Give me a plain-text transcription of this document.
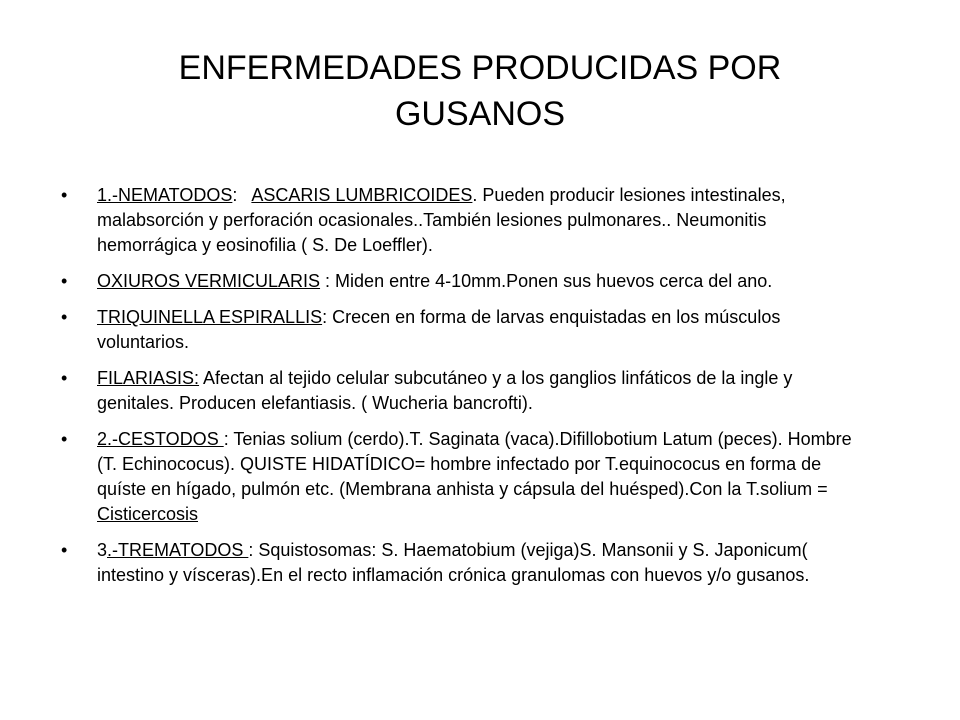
ENFERMEDADES PRODUCIDAS POR
GUSANOS
•	1.-NEMATODOS:   ASCARIS LUMBRICOIDES. Pueden producir lesiones intestinales, malabsorción y perforación ocasionales..También lesiones pulmonares.. Neumonitis hemorrágica y eosinofilia ( S. De Loeffler).
•	OXIUROS VERMICULARIS : Miden entre 4-10mm.Ponen sus huevos cerca del ano.
•	TRIQUINELLA ESPIRALLIS: Crecen en forma de larvas enquistadas en los músculos voluntarios.
•	FILARIASIS: Afectan al tejido celular subcutáneo y a los ganglios linfáticos de la ingle y genitales. Producen elefantiasis. ( Wucheria bancrofti).
•	2.-CESTODOS : Tenias solium (cerdo).T. Saginata (vaca).Difillobotium Latum (peces). Hombre (T. Echinococus). QUISTE HIDATÍDICO= hombre infectado por T.equinococus en forma de quíste en hígado, pulmón etc. (Membrana anhista y cápsula del huésped).Con la T.solium = Cisticercosis
•	3.-TREMATODOS : Squistosomas: S. Haematobium (vejiga)S. Mansonii y S. Japonicum( intestino y vísceras).En el recto inflamación crónica granulomas con huevos y/o gusanos.
